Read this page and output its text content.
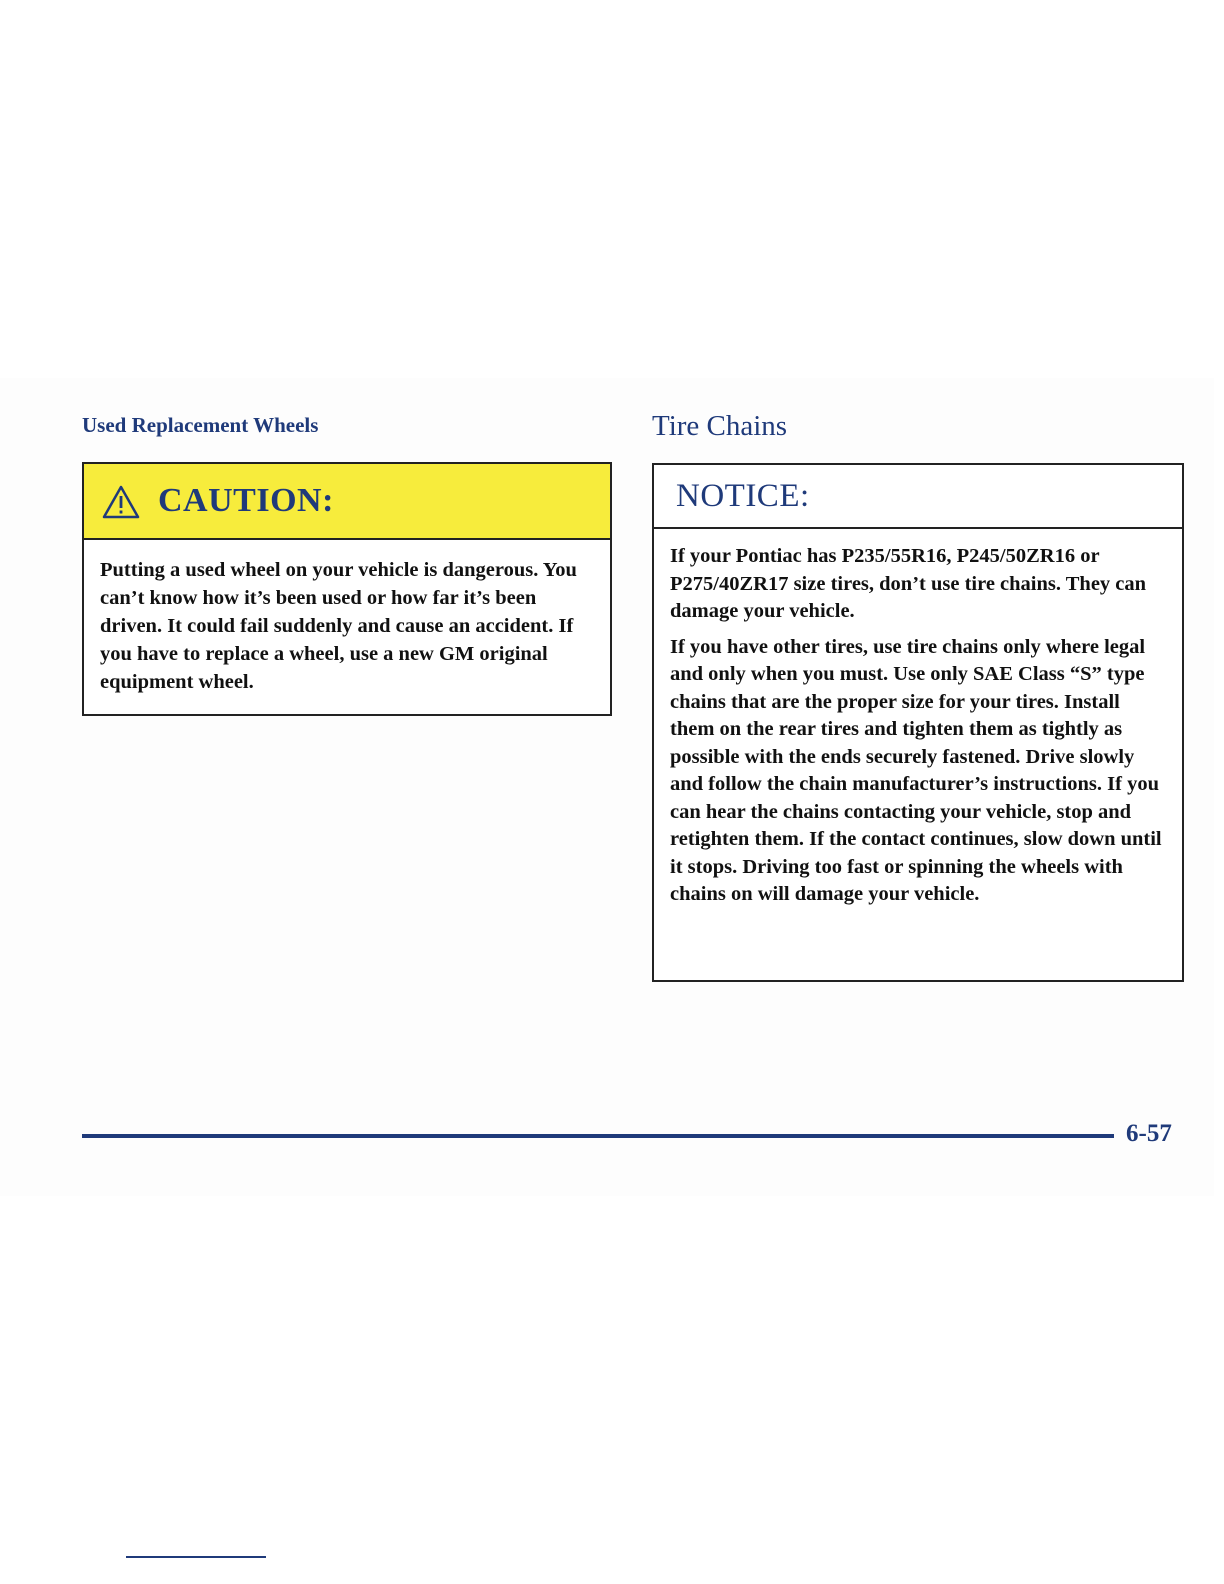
Used Replacement Wheels	Tire Chains
CAUTION:

Putting a used wheel on your vehicle is dangerous. You can’t know how it’s been used or how far it’s been driven. It could fail suddenly and cause an accident. If you have to replace a wheel, use a new GM original equipment wheel.

NOTICE:

If your Pontiac has P235/55R16, P245/50ZR16 or P275/40ZR17 size tires, don’t use tire chains. They can damage your vehicle.

If you have other tires, use tire chains only where legal and only when you must. Use only SAE Class “S” type chains that are the proper size for your tires. Install them on the rear tires and tighten them as tightly as possible with the ends securely fastened. Drive slowly and follow the chain manufacturer’s instructions. If you can hear the chains contacting your vehicle, stop and retighten them. If the contact continues, slow down until it stops. Driving too fast or spinning the wheels with chains on will damage your vehicle.

6-57
